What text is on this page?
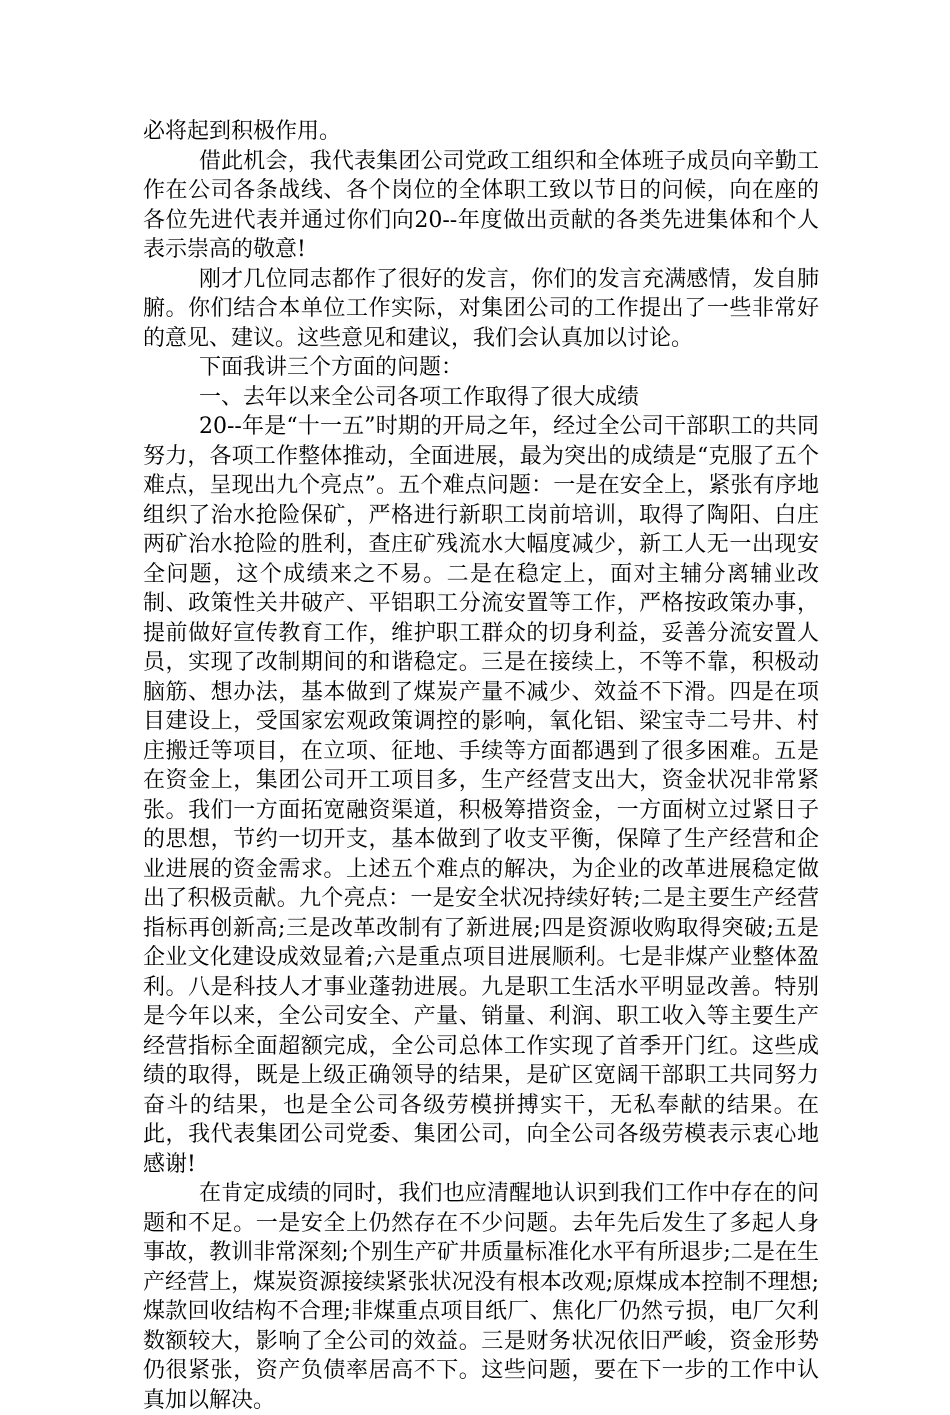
必将起到积极作用。

借此机会，我代表集团公司党政工组织和全体班子成员向辛勤工作在公司各条战线、各个岗位的全体职工致以节日的问候，向在座的各位先进代表并通过你们向20--年度做出贡献的各类先进集体和个人表示崇高的敬意!

刚才几位同志都作了很好的发言，你们的发言充满感情，发自肺腑。你们结合本单位工作实际，对集团公司的工作提出了一些非常好的意见、建议。这些意见和建议，我们会认真加以讨论。

下面我讲三个方面的问题：

一、去年以来全公司各项工作取得了很大成绩

20--年是“十一五”时期的开局之年，经过全公司干部职工的共同努力，各项工作整体推动，全面进展，最为突出的成绩是“克服了五个难点，呈现出九个亮点”。五个难点问题：一是在安全上，紧张有序地组织了治水抢险保矿，严格进行新职工岗前培训，取得了陶阳、白庄两矿治水抢险的胜利，查庄矿残流水大幅度减少，新工人无一出现安全问题，这个成绩来之不易。二是在稳定上，面对主辅分离辅业改制、政策性关井破产、平铝职工分流安置等工作，严格按政策办事，提前做好宣传教育工作，维护职工群众的切身利益，妥善分流安置人员，实现了改制期间的和谐稳定。三是在接续上，不等不靠，积极动脑筋、想办法，基本做到了煤炭产量不减少、效益不下滑。四是在项目建设上，受国家宏观政策调控的影响，氧化铝、梁宝寺二号井、村庄搬迁等项目，在立项、征地、手续等方面都遇到了很多困难。五是在资金上，集团公司开工项目多，生产经营支出大，资金状况非常紧张。我们一方面拓宽融资渠道，积极筹措资金，一方面树立过紧日子的思想，节约一切开支，基本做到了收支平衡，保障了生产经营和企业进展的资金需求。上述五个难点的解决，为企业的改革进展稳定做出了积极贡献。九个亮点：一是安全状况持续好转;二是主要生产经营指标再创新高;三是改革改制有了新进展;四是资源收购取得突破;五是企业文化建设成效显着;六是重点项目进展顺利。七是非煤产业整体盈利。八是科技人才事业蓬勃进展。九是职工生活水平明显改善。特别是今年以来，全公司安全、产量、销量、利润、职工收入等主要生产经营指标全面超额完成，全公司总体工作实现了首季开门红。这些成绩的取得，既是上级正确领导的结果，是矿区宽阔干部职工共同努力奋斗的结果，也是全公司各级劳模拼搏实干，无私奉献的结果。在此，我代表集团公司党委、集团公司，向全公司各级劳模表示衷心地感谢!

在肯定成绩的同时，我们也应清醒地认识到我们工作中存在的问题和不足。一是安全上仍然存在不少问题。去年先后发生了多起人身事故，教训非常深刻;个别生产矿井质量标准化水平有所退步;二是在生产经营上，煤炭资源接续紧张状况没有根本改观;原煤成本控制不理想;煤款回收结构不合理;非煤重点项目纸厂、焦化厂仍然亏损，电厂欠利数额较大，影响了全公司的效益。三是财务状况依旧严峻，资金形势仍很紧张，资产负债率居高不下。这些问题，要在下一步的工作中认真加以解决。
